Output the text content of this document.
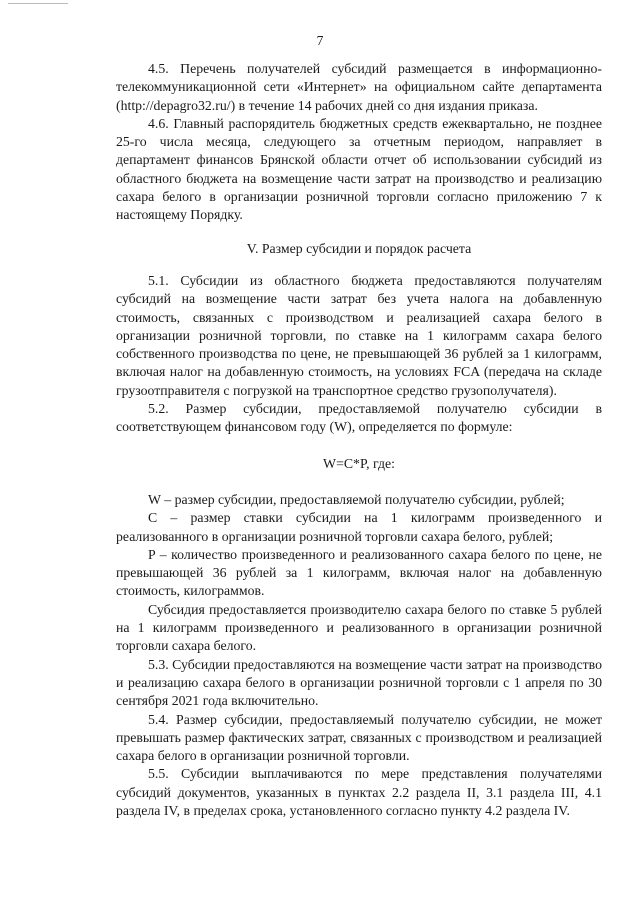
7

4.5. Перечень получателей субсидий размещается в информационно-телекоммуникационной сети «Интернет» на официальном сайте департамента (http://depagro32.ru/) в течение 14 рабочих дней со дня издания приказа.

4.6. Главный распорядитель бюджетных средств ежеквартально, не позднее 25-го числа месяца, следующего за отчетным периодом, направляет в департамент финансов Брянской области отчет об использовании субсидий из областного бюджета на возмещение части затрат на производство и реализацию сахара белого в организации розничной торговли согласно приложению 7 к настоящему Порядку.

V. Размер субсидии и порядок расчета

5.1. Субсидии из областного бюджета предоставляются получателям субсидий на возмещение части затрат без учета налога на добавленную стоимость, связанных с производством и реализацией сахара белого в организации розничной торговли, по ставке на 1 килограмм сахара белого собственного производства по цене, не превышающей 36 рублей за 1 килограмм, включая налог на добавленную стоимость, на условиях FCA (передача на складе грузоотправителя с погрузкой на транспортное средство грузополучателя).

5.2. Размер субсидии, предоставляемой получателю субсидии в соответствующем финансовом году (W), определяется по формуле:

W=C*P, где:

W – размер субсидии, предоставляемой получателю субсидии, рублей;

C – размер ставки субсидии на 1 килограмм произведенного и реализованного в организации розничной торговли сахара белого, рублей;

P – количество произведенного и реализованного сахара белого по цене, не превышающей 36 рублей за 1 килограмм, включая налог на добавленную стоимость, килограммов.

Субсидия предоставляется производителю сахара белого по ставке 5 рублей на 1 килограмм произведенного и реализованного в организации розничной торговли сахара белого.

5.3. Субсидии предоставляются на возмещение части затрат на производство и реализацию сахара белого в организации розничной торговли с 1 апреля по 30 сентября 2021 года включительно.

5.4. Размер субсидии, предоставляемый получателю субсидии, не может превышать размер фактических затрат, связанных с производством и реализацией сахара белого в организации розничной торговли.

5.5. Субсидии выплачиваются по мере представления получателями субсидий документов, указанных в пунктах 2.2 раздела II, 3.1 раздела III, 4.1 раздела IV, в пределах срока, установленного согласно пункту 4.2 раздела IV.
